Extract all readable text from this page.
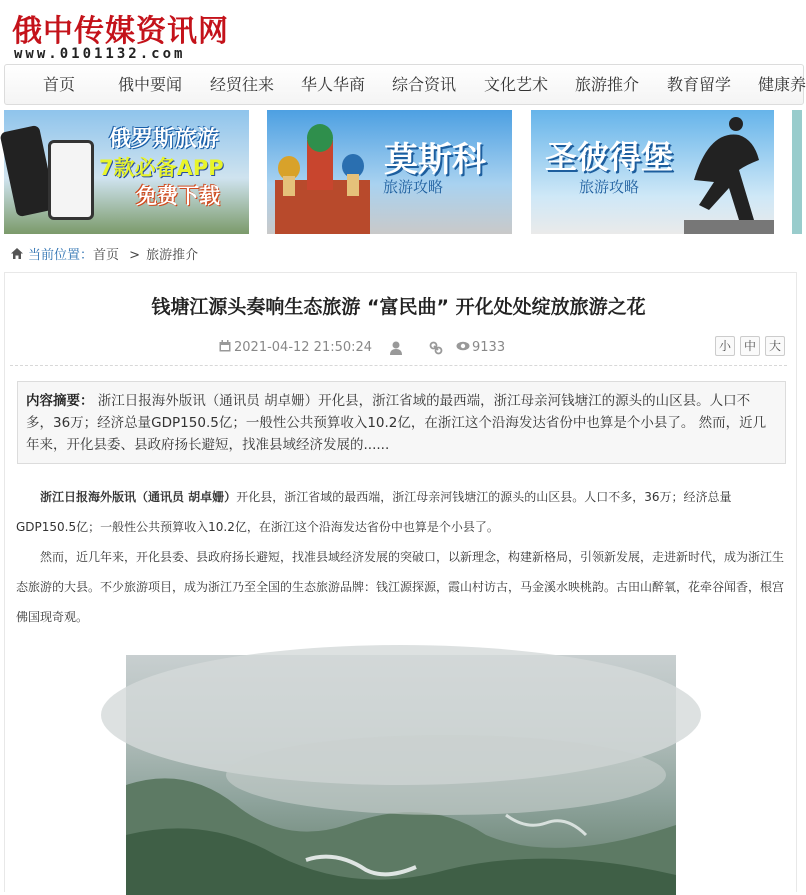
俄中传媒资讯网
www.0101132.com
首页	俄中要闻 经贸往来 华人华商 综合资讯 文化艺术 旅游推介 教育留学 健康养
俄罗斯旅游
7款必备APP
免费下载
莫斯科
旅游攻略
圣彼得堡
旅游攻略
当前位置：首页 > 旅游推介
钱塘江源头奏响生态旅游 “富民曲” 开化处处绽放旅游之花
2021-04-12 21:50:24	9133	小	中	大
内容摘要： 浙江日报海外版讯（通讯员 胡卓姗）开化县，浙江省域的最西端，浙江母亲河钱塘江的源头的山区县。人口不多，36万；经济总量GDP150.5亿；一般性公共预算收入10.2亿，在浙江这个沿海发达省份中也算是个小县了。 然而，近几年来，开化县委、县政府扬长避短，找准县域经济发展的......
浙江日报海外版讯（通讯员 胡卓姗）开化县，浙江省域的最西端，浙江母亲河钱塘江的源头的山区县。人口不多，36万；经济总量
GDP150.5亿；一般性公共预算收入10.2亿，在浙江这个沿海发达省份中也算是个小县了。
然而，近几年来，开化县委、县政府扬长避短，找准县域经济发展的突破口，以新理念，构建新格局，引领新发展，走进新时代，成为浙江生
态旅游的大县。不少旅游项目，成为浙江乃至全国的生态旅游品牌：钱江源探源，霞山村访古，马金溪水映桃韵。古田山醉氧，花牵谷闻香，根宫
佛国现奇观。
